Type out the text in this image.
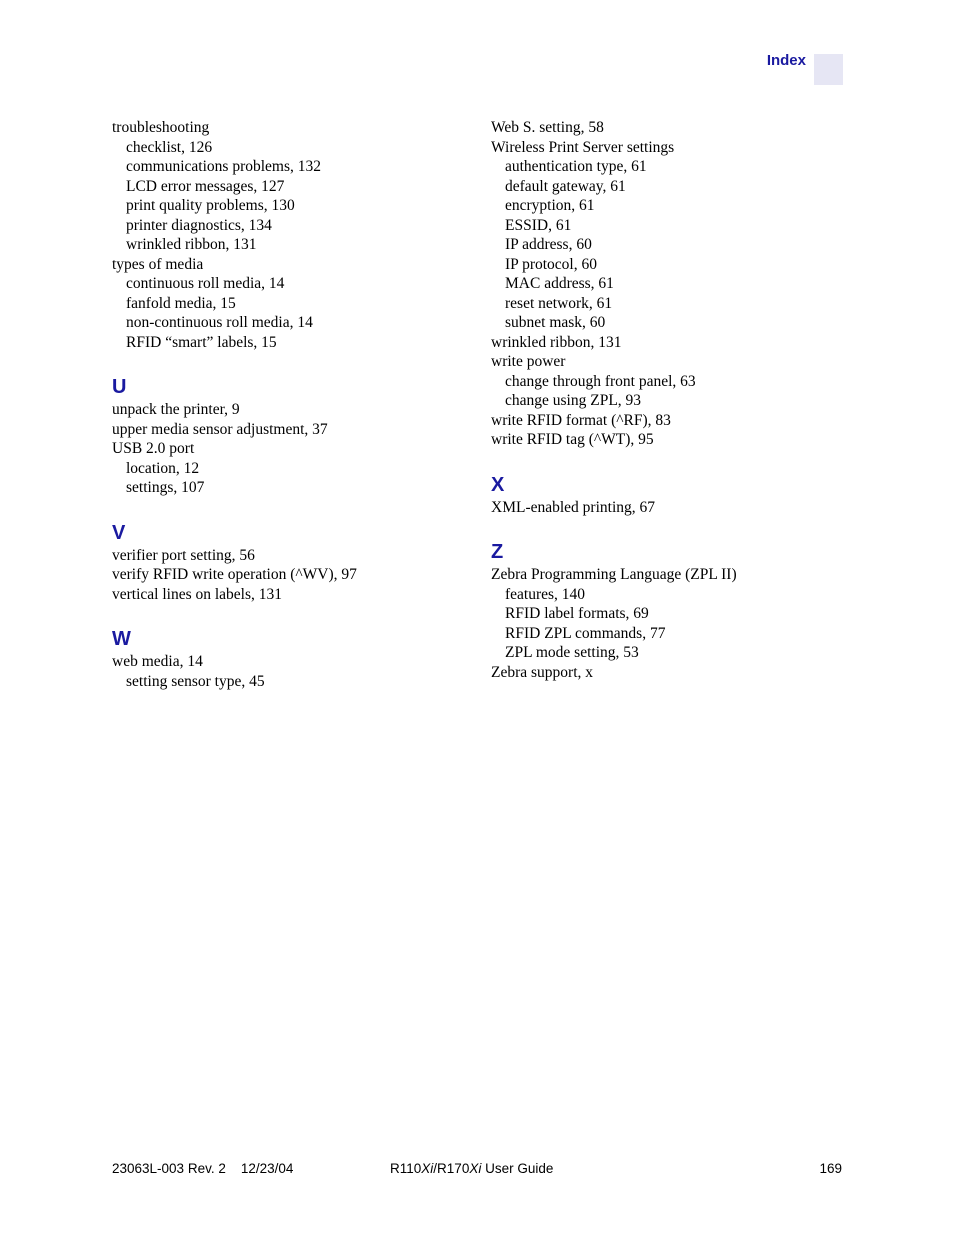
Index
troubleshooting
checklist, 126
communications problems, 132
LCD error messages, 127
print quality problems, 130
printer diagnostics, 134
wrinkled ribbon, 131
types of media
continuous roll media, 14
fanfold media, 15
non-continuous roll media, 14
RFID “smart” labels, 15
U
unpack the printer, 9
upper media sensor adjustment, 37
USB 2.0 port
location, 12
settings, 107
V
verifier port setting, 56
verify RFID write operation (^WV), 97
vertical lines on labels, 131
W
web media, 14
setting sensor type, 45
Web S. setting, 58
Wireless Print Server settings
authentication type, 61
default gateway, 61
encryption, 61
ESSID, 61
IP address, 60
IP protocol, 60
MAC address, 61
reset network, 61
subnet mask, 60
wrinkled ribbon, 131
write power
change through front panel, 63
change using ZPL, 93
write RFID format (^RF), 83
write RFID tag (^WT), 95
X
XML-enabled printing, 67
Z
Zebra Programming Language (ZPL II)
features, 140
RFID label formats, 69
RFID ZPL commands, 77
ZPL mode setting, 53
Zebra support, x
23063L-003 Rev. 2    12/23/04	R110Xi/R170Xi User Guide	169
